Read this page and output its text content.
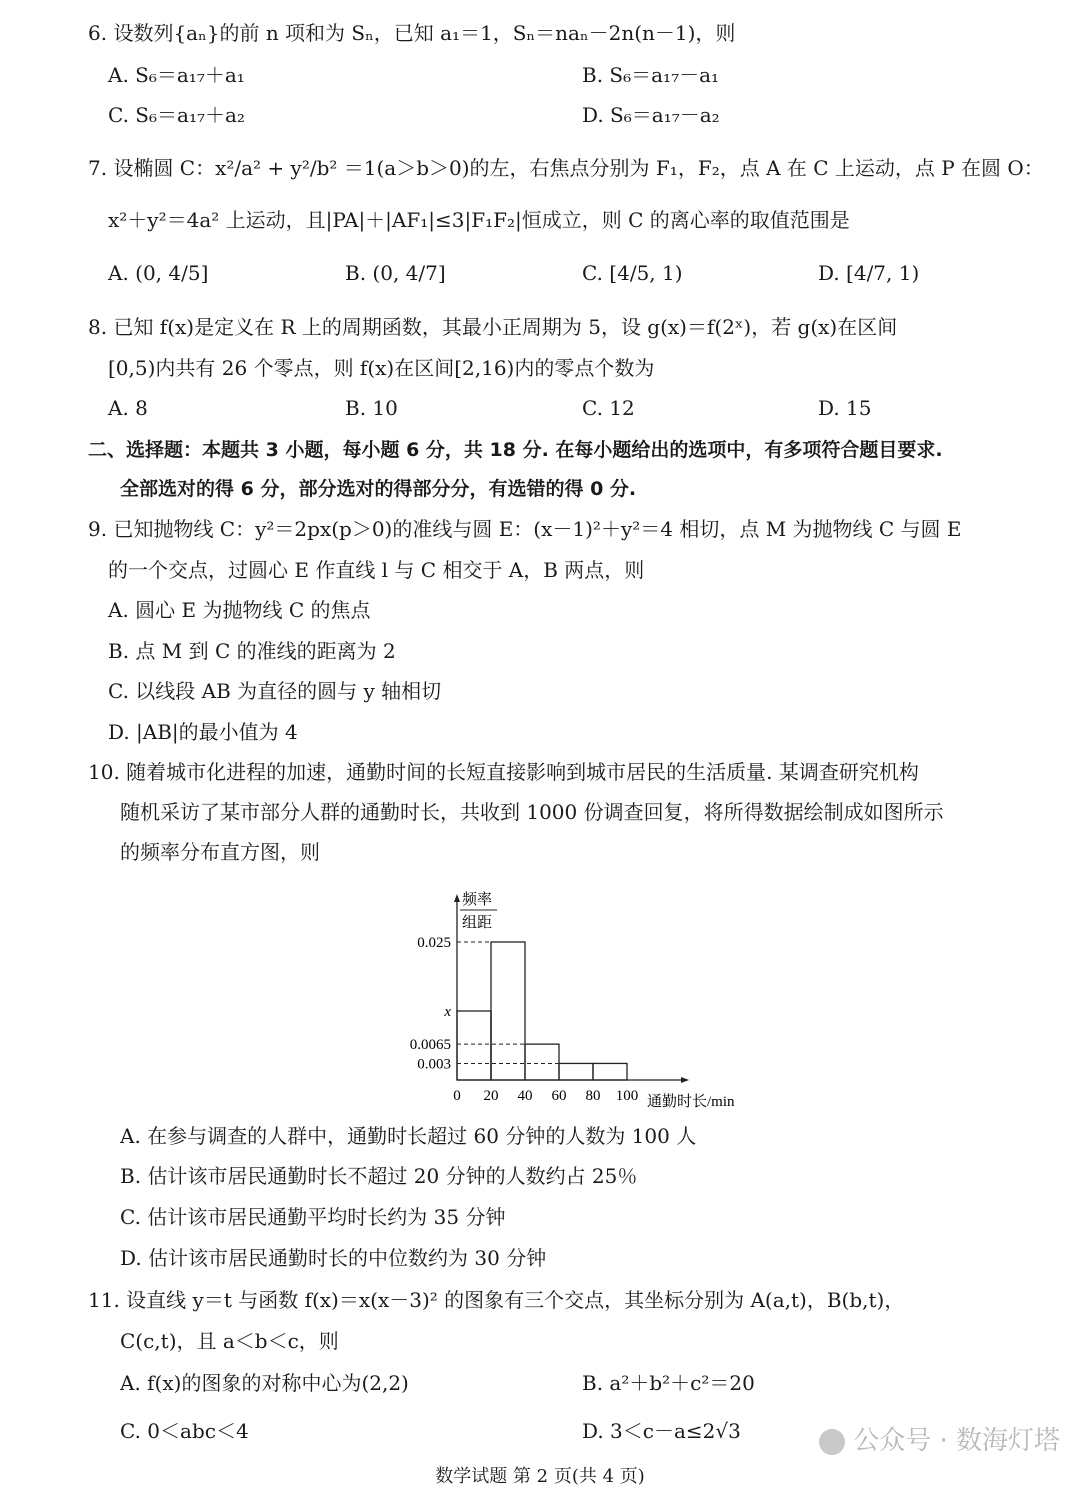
6. 设数列{aₙ}的前 n 项和为 Sₙ，已知 a₁＝1，Sₙ＝naₙ－2n(n－1)，则
A. S₆＝a₁₇＋a₁	B. S₆＝a₁₇－a₁
C. S₆＝a₁₇＋a₂	D. S₆＝a₁₇－a₂
7. 设椭圆 C：x²/a² + y²/b² ＝1(a＞b＞0)的左，右焦点分别为 F₁，F₂，点 A 在 C 上运动，点 P 在圆 O：
x²＋y²＝4a² 上运动，且|PA|＋|AF₁|≤3|F₁F₂|恒成立，则 C 的离心率的取值范围是
A. (0, 4/5]	B. (0, 4/7]	C. [4/5, 1)	D. [4/7, 1)
8. 已知 f(x)是定义在 R 上的周期函数，其最小正周期为 5，设 g(x)＝f(2ˣ)，若 g(x)在区间
[0,5)内共有 26 个零点，则 f(x)在区间[2,16)内的零点个数为
A. 8	B. 10	C. 12	D. 15
二、选择题：本题共 3 小题，每小题 6 分，共 18 分. 在每小题给出的选项中，有多项符合题目要求.
全部选对的得 6 分，部分选对的得部分分，有选错的得 0 分.
9. 已知抛物线 C：y²＝2px(p＞0)的准线与圆 E：(x－1)²＋y²＝4 相切，点 M 为抛物线 C 与圆 E
的一个交点，过圆心 E 作直线 l 与 C 相交于 A，B 两点，则
A. 圆心 E 为抛物线 C 的焦点
B. 点 M 到 C 的准线的距离为 2
C. 以线段 AB 为直径的圆与 y 轴相切
D. |AB|的最小值为 4
10. 随着城市化进程的加速，通勤时间的长短直接影响到城市居民的生活质量. 某调查研究机构
随机采访了某市部分人群的通勤时长，共收到 1000 份调查回复，将所得数据绘制成如图所示
的频率分布直方图，则
A. 在参与调查的人群中，通勤时长超过 60 分钟的人数为 100 人
B. 估计该市居民通勤时长不超过 20 分钟的人数约占 25％
C. 估计该市居民通勤平均时长约为 35 分钟
D. 估计该市居民通勤时长的中位数约为 30 分钟
11. 设直线 y＝t 与函数 f(x)＝x(x－3)² 的图象有三个交点，其坐标分别为 A(a,t)，B(b,t)，
C(c,t)，且 a＜b＜c，则
A. f(x)的图象的对称中心为(2,2)	B. a²＋b²＋c²＝20
C. 0＜abc＜4	D. 3＜c－a≤2√3
0.025
x
0.0065
0.003
0 20 40 60 80 100
频率
组距
通勤时长/min
数学试题 第 2 页(共 4 页)
公众号 · 数海灯塔
